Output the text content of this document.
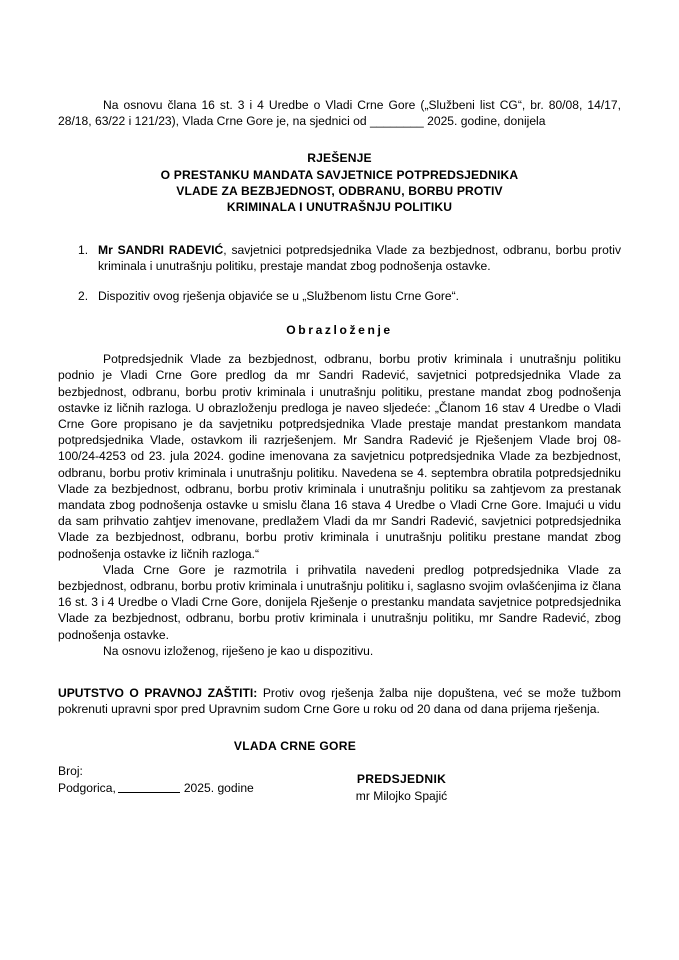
Na osnovu člana 16 st. 3 i 4 Uredbe o Vladi Crne Gore („Službeni list CG“, br. 80/08, 14/17, 28/18, 63/22 i 121/23), Vlada Crne Gore je, na sjednici od ________ 2025. godine, donijela

RJEŠENJE
O PRESTANKU MANDATA SAVJETNICE POTPREDSJEDNIKA
VLADE ZA BEZBJEDNOST, ODBRANU, BORBU PROTIV
KRIMINALA I UNUTRAŠNJU POLITIKU
1. Mr SANDRI RADEVIĆ, savjetnici potpredsjednika Vlade za bezbjednost, odbranu, borbu protiv kriminala i unutrašnju politiku, prestaje mandat zbog podnošenja ostavke.
2. Dispozitiv ovog rješenja objaviće se u „Službenom listu Crne Gore“.
Obrazloženje

Potpredsjednik Vlade za bezbjednost, odbranu, borbu protiv kriminala i unutrašnju politiku podnio je Vladi Crne Gore predlog da mr Sandri Radević, savjetnici potpredsjednika Vlade za bezbjednost, odbranu, borbu protiv kriminala i unutrašnju politiku, prestane mandat zbog podnošenja ostavke iz ličnih razloga. U obrazloženju predloga je naveo sljedeće: „Članom 16 stav 4 Uredbe o Vladi Crne Gore propisano je da savjetniku potpredsjednika Vlade prestaje mandat prestankom mandata potpredsjednika Vlade, ostavkom ili razrješenjem. Mr Sandra Radević je Rješenjem Vlade broj 08-100/24-4253 od 23. jula 2024. godine imenovana za savjetnicu potpredsjednika Vlade za bezbjednost, odbranu, borbu protiv kriminala i unutrašnju politiku. Navedena se 4. septembra obratila potpredsjedniku Vlade za bezbjednost, odbranu, borbu protiv kriminala i unutrašnju politiku sa zahtjevom za prestanak mandata zbog podnošenja ostavke u smislu člana 16 stava 4 Uredbe o Vladi Crne Gore. Imajući u vidu da sam prihvatio zahtjev imenovane, predlažem Vladi da mr Sandri Radević, savjetnici potpredsjednika Vlade za bezbjednost, odbranu, borbu protiv kriminala i unutrašnju politiku prestane mandat zbog podnošenja ostavke iz ličnih razloga.“

Vlada Crne Gore je razmotrila i prihvatila navedeni predlog potpredsjednika Vlade za bezbjednost, odbranu, borbu protiv kriminala i unutrašnju politiku i, saglasno svojim ovlašćenjima iz člana 16 st. 3 i 4 Uredbe o Vladi Crne Gore, donijela Rješenje o prestanku mandata savjetnice potpredsjednika Vlade za bezbjednost, odbranu, borbu protiv kriminala i unutrašnju politiku, mr Sandre Radević, zbog podnošenja ostavke.

Na osnovu izloženog, riješeno je kao u dispozitivu.

UPUTSTVO O PRAVNOJ ZAŠTITI: Protiv ovog rješenja žalba nije dopuštena, već se može tužbom pokrenuti upravni spor pred Upravnim sudom Crne Gore u roku od 20 dana od dana prijema rješenja.

Broj:

Podgorica,	2025. godine

VLADA CRNE GORE
PREDSJEDNIK
mr Milojko Spajić
